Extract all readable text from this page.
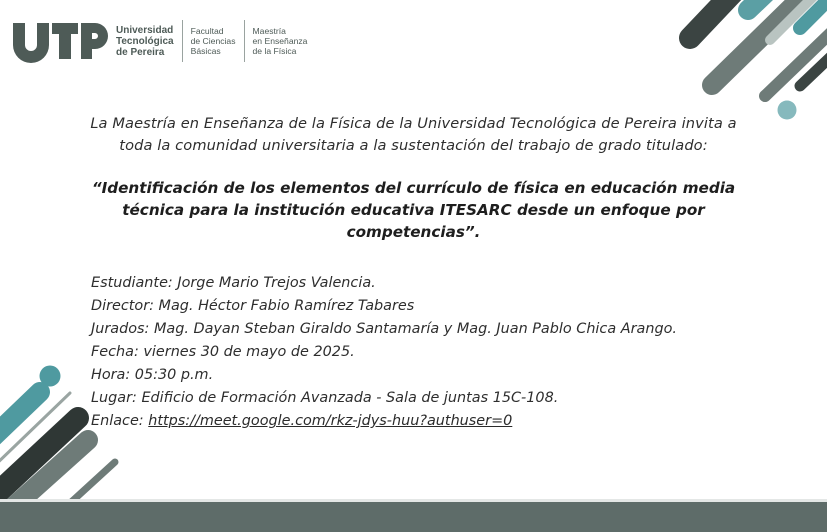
Universidad
Tecnológica
de Pereira
Facultad
de Ciencias
Básicas
Maestría
en Enseñanza
de la Física
La Maestría en Enseñanza de la Física de la Universidad Tecnológica de Pereira invita a
toda la comunidad universitaria a la sustentación del trabajo de grado titulado:
“Identificación de los elementos del currículo de física en educación media
técnica para la institución educativa ITESARC desde un enfoque por
competencias”.
Estudiante: Jorge Mario Trejos Valencia.
Director: Mag. Héctor Fabio Ramírez Tabares
Jurados: Mag. Dayan Steban Giraldo Santamaría y Mag. Juan Pablo Chica Arango.
Fecha: viernes 30 de mayo de 2025.
Hora: 05:30 p.m.
Lugar: Edificio de Formación Avanzada - Sala de juntas 15C-108.
Enlace: https://meet.google.com/rkz-jdys-huu?authuser=0
